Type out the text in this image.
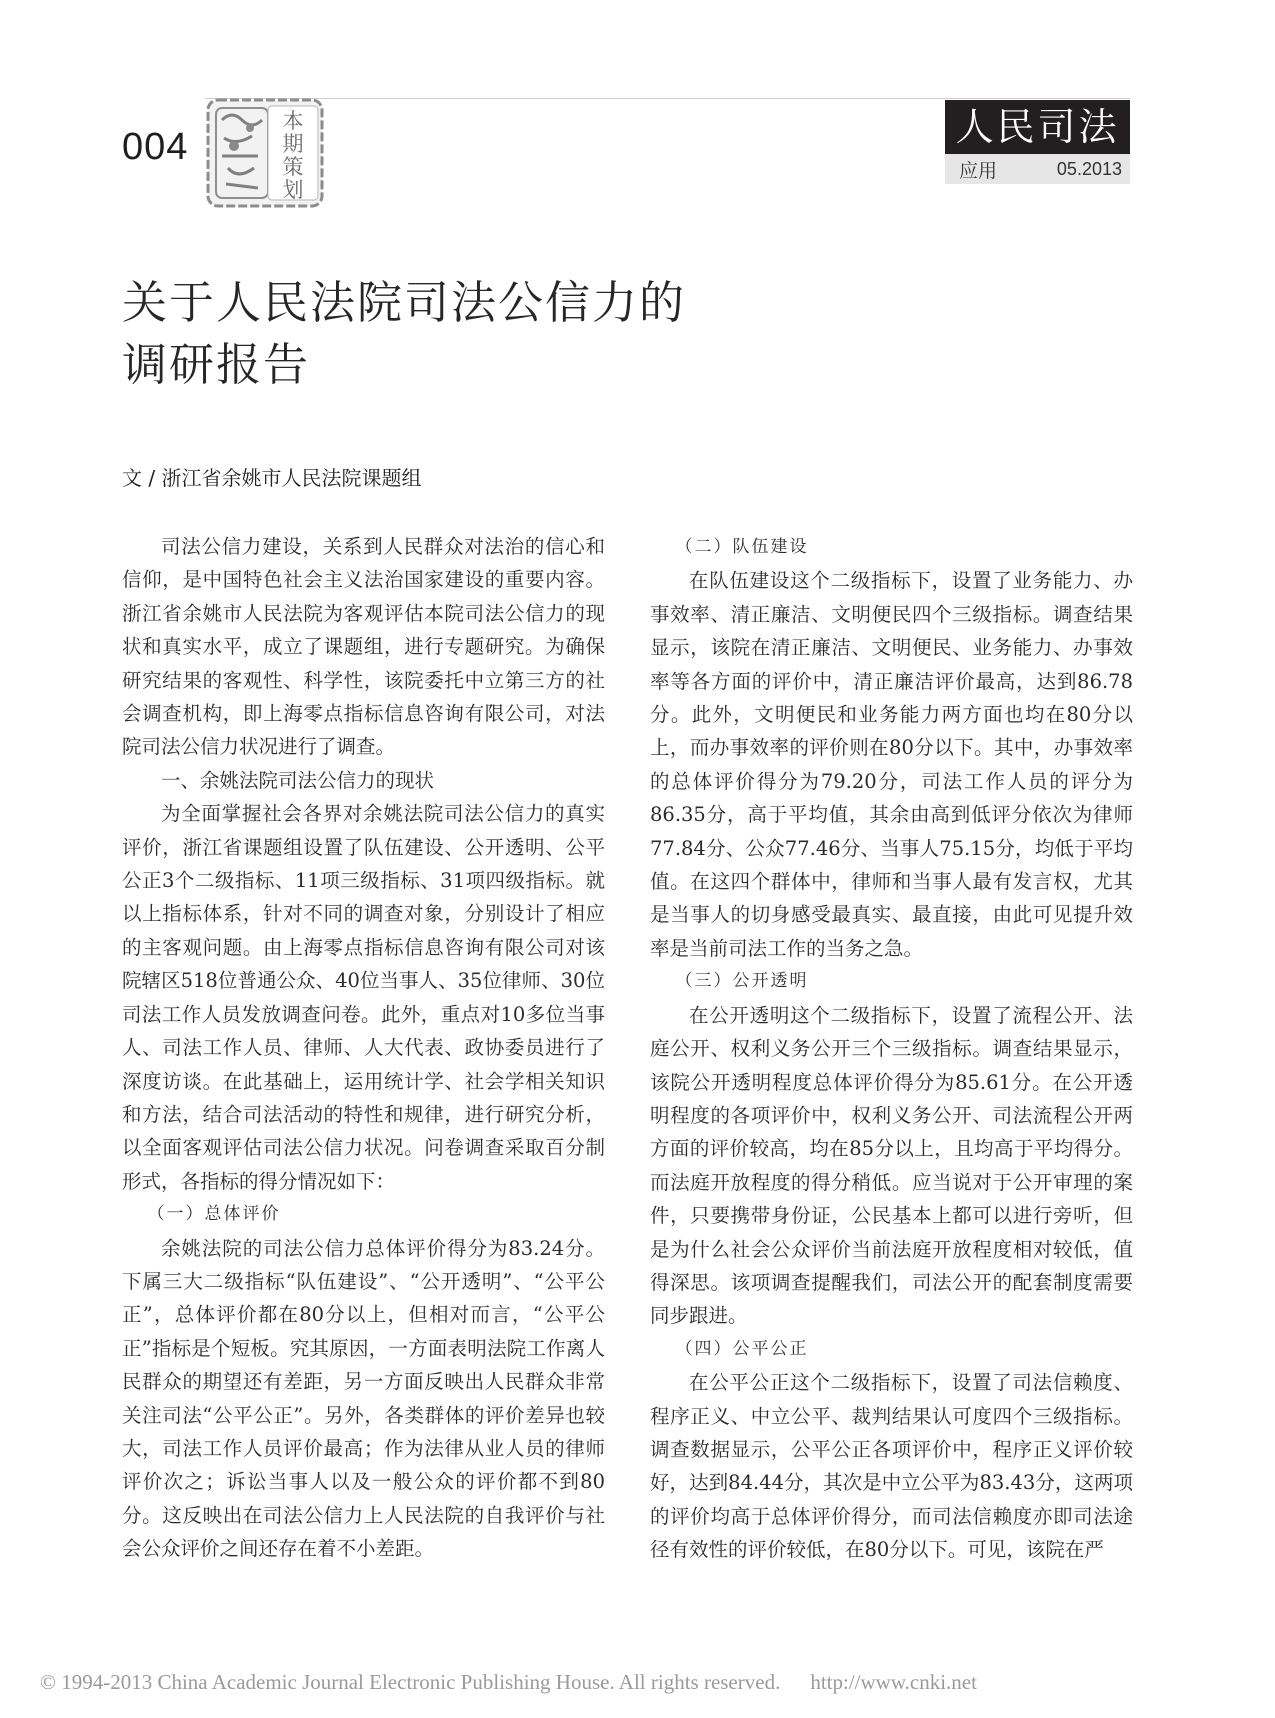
004
本
期
策
划
人民司法
应用	05.2013
关于人民法院司法公信力的
调研报告
文 / 浙江省余姚市人民法院课题组

司法公信力建设，关系到人民群众对法治的信心和信仰，是中国特色社会主义法治国家建设的重要内容。浙江省余姚市人民法院为客观评估本院司法公信力的现状和真实水平，成立了课题组，进行专题研究。为确保研究结果的客观性、科学性，该院委托中立第三方的社会调查机构，即上海零点指标信息咨询有限公司，对法院司法公信力状况进行了调查。

一、余姚法院司法公信力的现状

为全面掌握社会各界对余姚法院司法公信力的真实评价，浙江省课题组设置了队伍建设、公开透明、公平公正3个二级指标、11项三级指标、31项四级指标。就以上指标体系，针对不同的调查对象，分别设计了相应的主客观问题。由上海零点指标信息咨询有限公司对该院辖区518位普通公众、40位当事人、35位律师、30位司法工作人员发放调查问卷。此外，重点对10多位当事人、司法工作人员、律师、人大代表、政协委员进行了深度访谈。在此基础上，运用统计学、社会学相关知识和方法，结合司法活动的特性和规律，进行研究分析，以全面客观评估司法公信力状况。问卷调查采取百分制形式，各指标的得分情况如下：

（一）总体评价

余姚法院的司法公信力总体评价得分为83.24分。下属三大二级指标“队伍建设”、“公开透明”、“公平公正”，总体评价都在80分以上，但相对而言，“公平公正”指标是个短板。究其原因，一方面表明法院工作离人民群众的期望还有差距，另一方面反映出人民群众非常关注司法“公平公正”。另外，各类群体的评价差异也较大，司法工作人员评价最高；作为法律从业人员的律师评价次之；诉讼当事人以及一般公众的评价都不到80分。这反映出在司法公信力上人民法院的自我评价与社会公众评价之间还存在着不小差距。

（二）队伍建设

在队伍建设这个二级指标下，设置了业务能力、办事效率、清正廉洁、文明便民四个三级指标。调查结果显示，该院在清正廉洁、文明便民、业务能力、办事效率等各方面的评价中，清正廉洁评价最高，达到86.78分。此外，文明便民和业务能力两方面也均在80分以上，而办事效率的评价则在80分以下。其中，办事效率的总体评价得分为79.20分，司法工作人员的评分为86.35分，高于平均值，其余由高到低评分依次为律师77.84分、公众77.46分、当事人75.15分，均低于平均值。在这四个群体中，律师和当事人最有发言权，尤其是当事人的切身感受最真实、最直接，由此可见提升效率是当前司法工作的当务之急。

（三）公开透明

在公开透明这个二级指标下，设置了流程公开、法庭公开、权利义务公开三个三级指标。调查结果显示，该院公开透明程度总体评价得分为85.61分。在公开透明程度的各项评价中，权利义务公开、司法流程公开两方面的评价较高，均在85分以上，且均高于平均得分。而法庭开放程度的得分稍低。应当说对于公开审理的案件，只要携带身份证，公民基本上都可以进行旁听，但是为什么社会公众评价当前法庭开放程度相对较低，值得深思。该项调查提醒我们，司法公开的配套制度需要同步跟进。

（四）公平公正

在公平公正这个二级指标下，设置了司法信赖度、程序正义、中立公平、裁判结果认可度四个三级指标。调查数据显示，公平公正各项评价中，程序正义评价较好，达到84.44分，其次是中立公平为83.43分，这两项的评价均高于总体评价得分，而司法信赖度亦即司法途径有效性的评价较低，在80分以下。可见，该院在严

© 1994-2013 China Academic Journal Electronic Publishing House. All rights reserved. http://www.cnki.net
